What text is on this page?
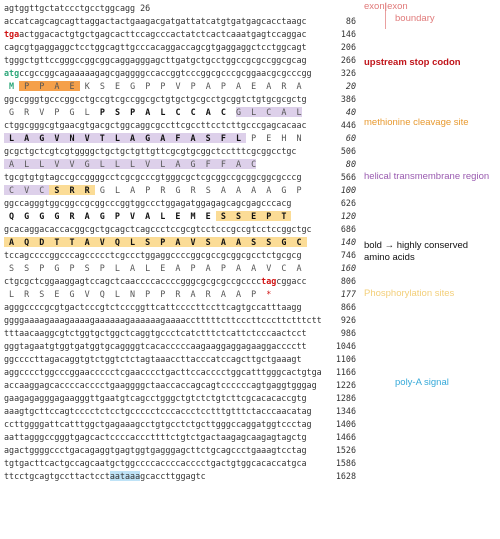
agtggttgctatccctgcctggcagg 26
accatcagcagcagttaggactactgaagacgatgattatcatgtgatgagcacctaagc	86
tgaactggacactgtgctgagcacttccagcccactatctcactcaaatgagtccaggac	146
cagcgtgaggaggctcctggcagttgcccacaggaccagcgtgaggaggctcctggcagt	206
tgggctgttccgggccggcggcaggagggagcttgatgctgcctggccgcgccggcgcag	266
atgccgccggcagaaaaagagcgaggggccaccggtcccggcgcccgcggaacgcgcccgg	326
M  P  P  A  E  K  S  E  G  P  P  V  P  A  P  A  E  A  R  A	20
ggccgggtgcccggcctgccgtcgccggcgctgtgctgcgcctgcggtctgtgcgcgctg	386
G  R  V  P  G  L  P  S  P  A  L  C  C  A  C  G  L  C  A  L	40
ctggcgggcgtgaacgtgacgctggcaggcgccttcgccttcctcttgcccgagcacaac	446
L  A  G  V  N  V  T  L  A  G  A  F  A  S  F  L  P  E  H  N	60
gcgctgctcgtcgtggggctgctgctgttgttcgcgtgcggctcctttcgcggcctgc	506
A  L  L  V  V  G  L  L  L  V  L  A  G  F  F  A  C	80
tgcgtgtgtagccgccggggcctcgcgcccgtgggcgctcgcggccgcggcggcgcccg	566
C  V  C  S  R  R  G  L  A  P  R  G  R  S  A  A  A  A  G  P	100
ggccagggtggcggccgcggcccggtggccctggagatggagagcagcgagcccacg	626
Q  G  G  G  R  A  G  P  V  A  L  E  M  E  S  S  E  P  T	120
gcacaggacaccacggcgctgcagctcagccctccgcgtcctcccgccgtcctccggctgc	686
A  Q  D  T  T  A  V  Q  L  S  P  A  V  S  A  A  S  S  G  C	140
tccagccccggcccagccccctcgccctggaggccccggcgccgcggcgcctctgcgcg	746
S  S  P  G  P  S  P  L  A  L  E  A  P  A  P  A  A  V  C  A	160
ctgcgctcggaaggagtccagctcaaccccaccccgggcgcgcgccgcccctagcggacc	806
L  R  S  E  G  V  Q  L  N  P  P  R  A  R  A  A  P  *	177
agggccccgcgtgactcccgtctcccggttcattccccttccttcagtgccatttaagg	866
ggggaaaagaaagaaaagaaaaaagaaaaaagaaaacctttttcttcccttcccttctttctt	926
tttaacaaggcgtctggtgctggctcaggtgccctcatctttctcattctcccaactcct	986
gggtagaatgtggtgatggtgcaggggtcacacccccaagaaggaggagaaggacccctt	1046
ggccccttagacaggtgtctggtctctagtaaaccttacccatccagcttgctgaaagt	1106
aggcccctggcccggaaccccctcgaacccctgacttccacccctggcatttgggcactgtga	1166
accaaggagcaccccacccctgaaggggctaaccaccagcagtccccccagtgaggtgggag	1226
gaagagagggagaagggttgaatgtcagcctgggctgtctctgtcttcgcacacaccgtg	1286
aaagtgcttccagtcccctctcctgccccctcccaccctcctttgtttctacccaacatag	1346
ccttggggattcatttggctgagaaagcctgtgcctctgcttgggccaggatggtccctag	1406
aattagggccgggtgagcactccccacccttttctgtctgactaagagcaagagtagctg	1466
agactggggccctgacagaggtgagtggtgagggagcttctgcagccctgaaagtcctag	1526
tgtgacttcactgccagcaatgctggccccaccccacccctgactgtggcacaccatgca	1586
ttcctgcagtgccttactcctaataaagcaccttggagtc	1628
exon|exon
boundary
upstream stop codon
methionine cleavage site
helical transmembrane region
bold → highly conserved amino acids
Phosphorylation sites
poly-A signal
